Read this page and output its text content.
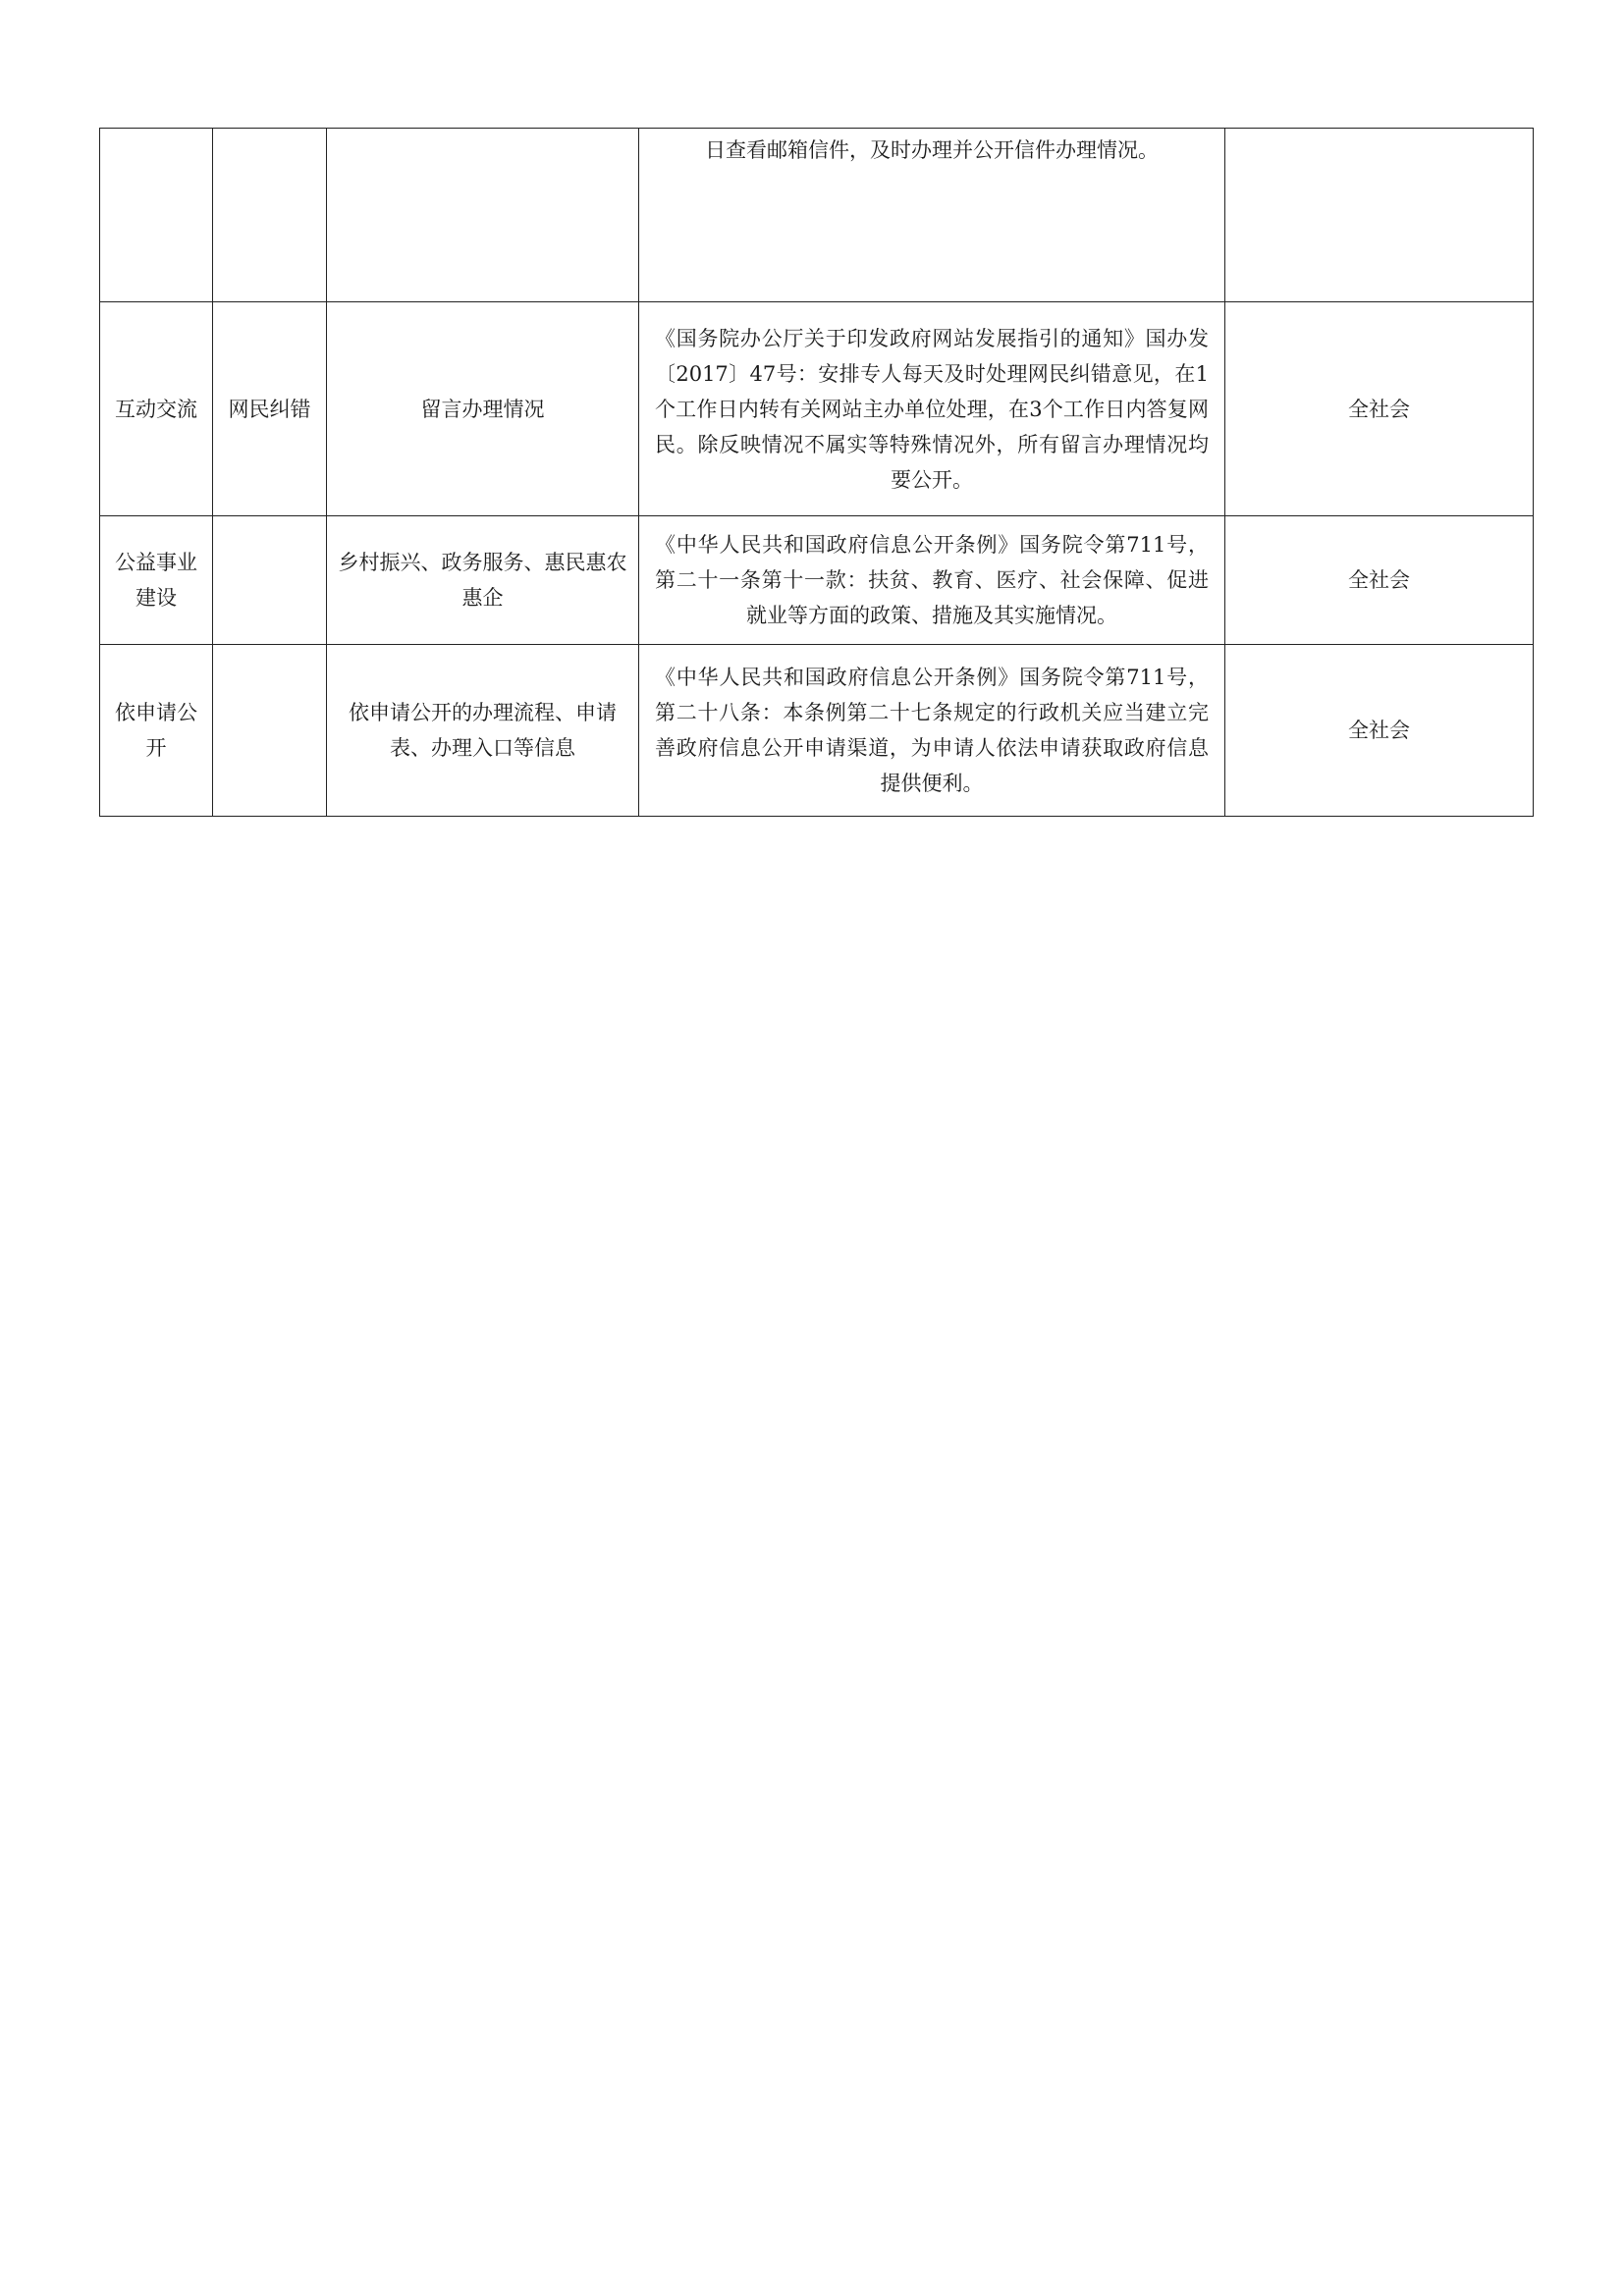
			日查看邮箱信件，及时办理并公开信件办理情况。	

互动交流	网民纠错	留言办理情况	《国务院办公厅关于印发政府网站发展指引的通知》国办发〔2017〕47号：安排专人每天及时处理网民纠错意见，在1个工作日内转有关网站主办单位处理，在3个工作日内答复网民。除反映情况不属实等特殊情况外，所有留言办理情况均要公开。	全社会

公益事业建设		乡村振兴、政务服务、惠民惠农惠企	《中华人民共和国政府信息公开条例》国务院令第711号，第二十一条第十一款：扶贫、教育、医疗、社会保障、促进就业等方面的政策、措施及其实施情况。	全社会

依申请公开		依申请公开的办理流程、申请表、办理入口等信息	《中华人民共和国政府信息公开条例》国务院令第711号，第二十八条：本条例第二十七条规定的行政机关应当建立完善政府信息公开申请渠道，为申请人依法申请获取政府信息提供便利。	全社会
